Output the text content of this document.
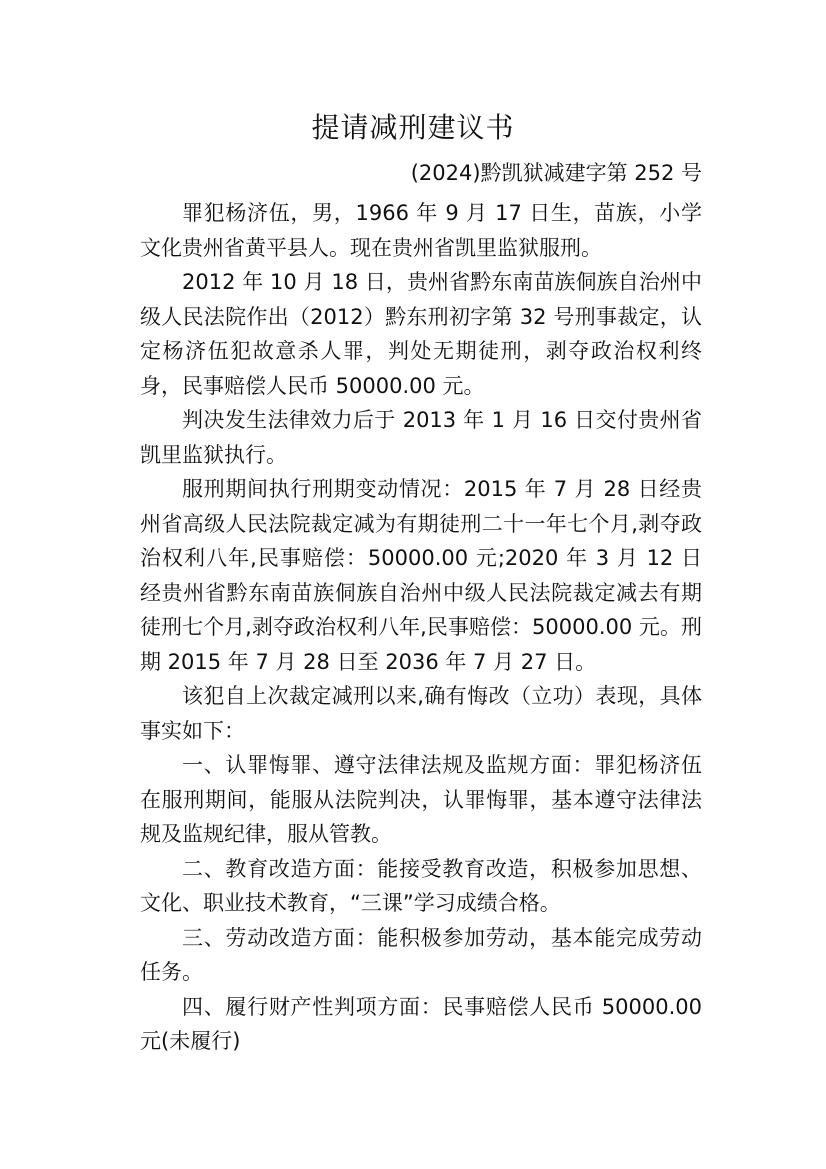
提请减刑建议书
(2024)黔凯狱减建字第 252 号

罪犯杨济伍，男，1966 年 9 月 17 日生，苗族，小学文化贵州省黄平县人。现在贵州省凯里监狱服刑。

2012 年 10 月 18 日，贵州省黔东南苗族侗族自治州中级人民法院作出（2012）黔东刑初字第 32 号刑事裁定，认定杨济伍犯故意杀人罪，判处无期徒刑，剥夺政治权利终身，民事赔偿人民币 50000.00 元。

判决发生法律效力后于 2013 年 1 月 16 日交付贵州省凯里监狱执行。

服刑期间执行刑期变动情况：2015 年 7 月 28 日经贵州省高级人民法院裁定减为有期徒刑二十一年七个月,剥夺政治权利八年,民事赔偿：50000.00 元;2020 年 3 月 12 日经贵州省黔东南苗族侗族自治州中级人民法院裁定减去有期徒刑七个月,剥夺政治权利八年,民事赔偿：50000.00 元。刑期 2015 年 7 月 28 日至 2036 年 7 月 27 日。

该犯自上次裁定减刑以来,确有悔改（立功）表现，具体事实如下：

一、认罪悔罪、遵守法律法规及监规方面：罪犯杨济伍在服刑期间，能服从法院判决，认罪悔罪，基本遵守法律法规及监规纪律，服从管教。

二、教育改造方面：能接受教育改造，积极参加思想、文化、职业技术教育，“三课”学习成绩合格。

三、劳动改造方面：能积极参加劳动，基本能完成劳动任务。

四、履行财产性判项方面：民事赔偿人民币 50000.00 元(未履行)
